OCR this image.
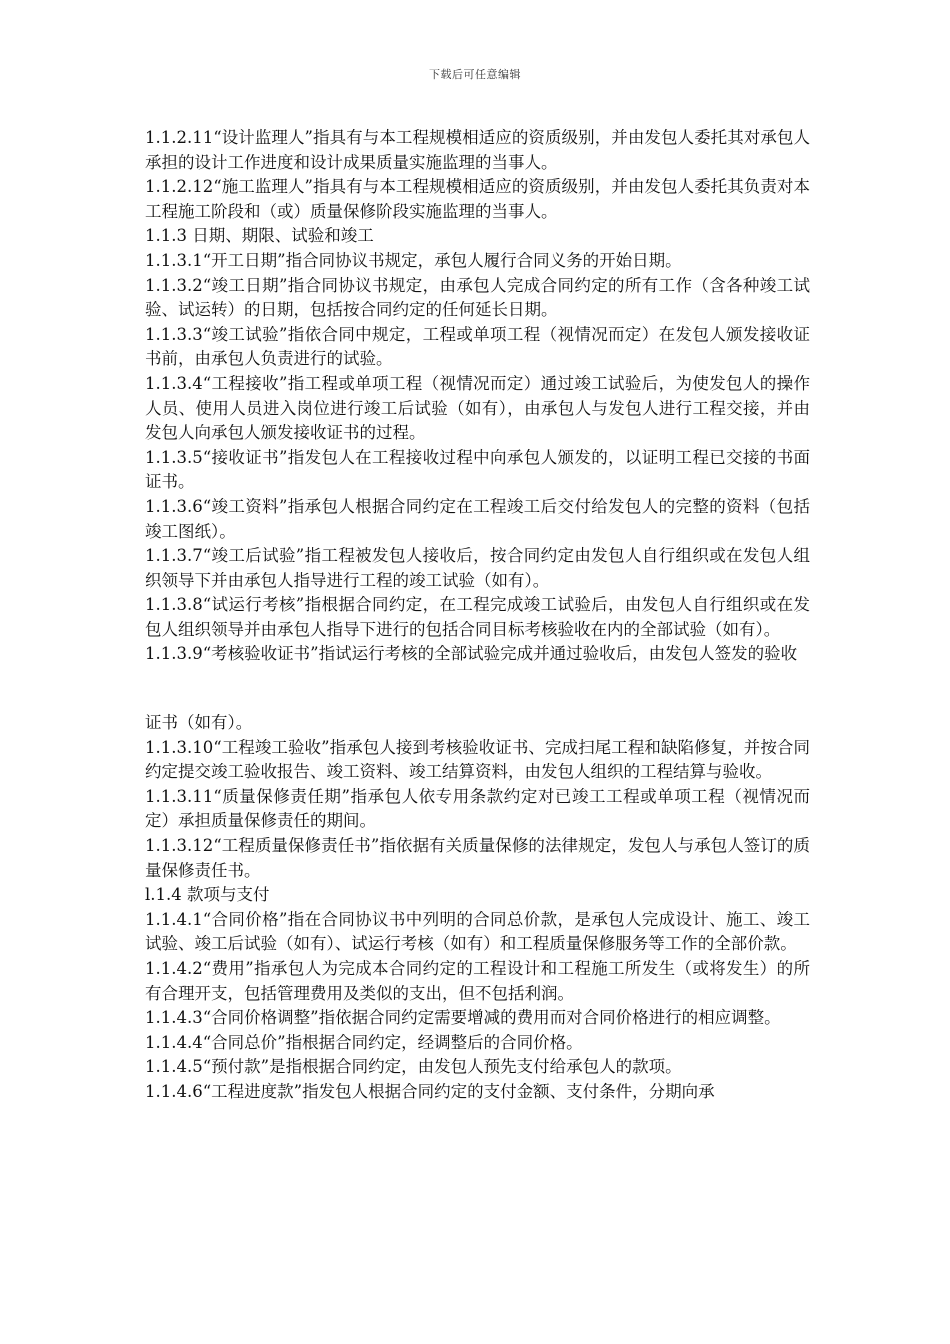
下载后可任意编辑

1.1.2.11“设计监理人”指具有与本工程规模相适应的资质级别，并由发包人委托其对承包人承担的设计工作进度和设计成果质量实施监理的当事人。

1.1.2.12“施工监理人”指具有与本工程规模相适应的资质级别，并由发包人委托其负责对本工程施工阶段和（或）质量保修阶段实施监理的当事人。

1.1.3 日期、期限、试验和竣工

1.1.3.1“开工日期”指合同协议书规定，承包人履行合同义务的开始日期。

1.1.3.2“竣工日期”指合同协议书规定，由承包人完成合同约定的所有工作（含各种竣工试验、试运转）的日期，包括按合同约定的任何延长日期。

1.1.3.3“竣工试验”指依合同中规定，工程或单项工程（视情况而定）在发包人颁发接收证书前，由承包人负责进行的试验。

1.1.3.4“工程接收”指工程或单项工程（视情况而定）通过竣工试验后，为使发包人的操作人员、使用人员进入岗位进行竣工后试验（如有），由承包人与发包人进行工程交接，并由发包人向承包人颁发接收证书的过程。

1.1.3.5“接收证书”指发包人在工程接收过程中向承包人颁发的，以证明工程已交接的书面证书。

1.1.3.6“竣工资料”指承包人根据合同约定在工程竣工后交付给发包人的完整的资料（包括竣工图纸）。

1.1.3.7“竣工后试验”指工程被发包人接收后，按合同约定由发包人自行组织或在发包人组织领导下并由承包人指导进行工程的竣工试验（如有）。

1.1.3.8“试运行考核”指根据合同约定，在工程完成竣工试验后，由发包人自行组织或在发包人组织领导并由承包人指导下进行的包括合同目标考核验收在内的全部试验（如有）。

1.1.3.9“考核验收证书”指试运行考核的全部试验完成并通过验收后，由发包人签发的验收

证书（如有）。

1.1.3.10“工程竣工验收”指承包人接到考核验收证书、完成扫尾工程和缺陷修复，并按合同约定提交竣工验收报告、竣工资料、竣工结算资料，由发包人组织的工程结算与验收。

1.1.3.11“质量保修责任期”指承包人依专用条款约定对已竣工工程或单项工程（视情况而定）承担质量保修责任的期间。

1.1.3.12“工程质量保修责任书”指依据有关质量保修的法律规定，发包人与承包人签订的质量保修责任书。

l.1.4 款项与支付

1.1.4.1“合同价格”指在合同协议书中列明的合同总价款，是承包人完成设计、施工、竣工试验、竣工后试验（如有）、试运行考核（如有）和工程质量保修服务等工作的全部价款。

1.1.4.2“费用”指承包人为完成本合同约定的工程设计和工程施工所发生（或将发生）的所有合理开支，包括管理费用及类似的支出，但不包括利润。

1.1.4.3“合同价格调整”指依据合同约定需要增减的费用而对合同价格进行的相应调整。

1.1.4.4“合同总价”指根据合同约定，经调整后的合同价格。

1.1.4.5“预付款”是指根据合同约定，由发包人预先支付给承包人的款项。

1.1.4.6“工程进度款”指发包人根据合同约定的支付金额、支付条件，分期向承
